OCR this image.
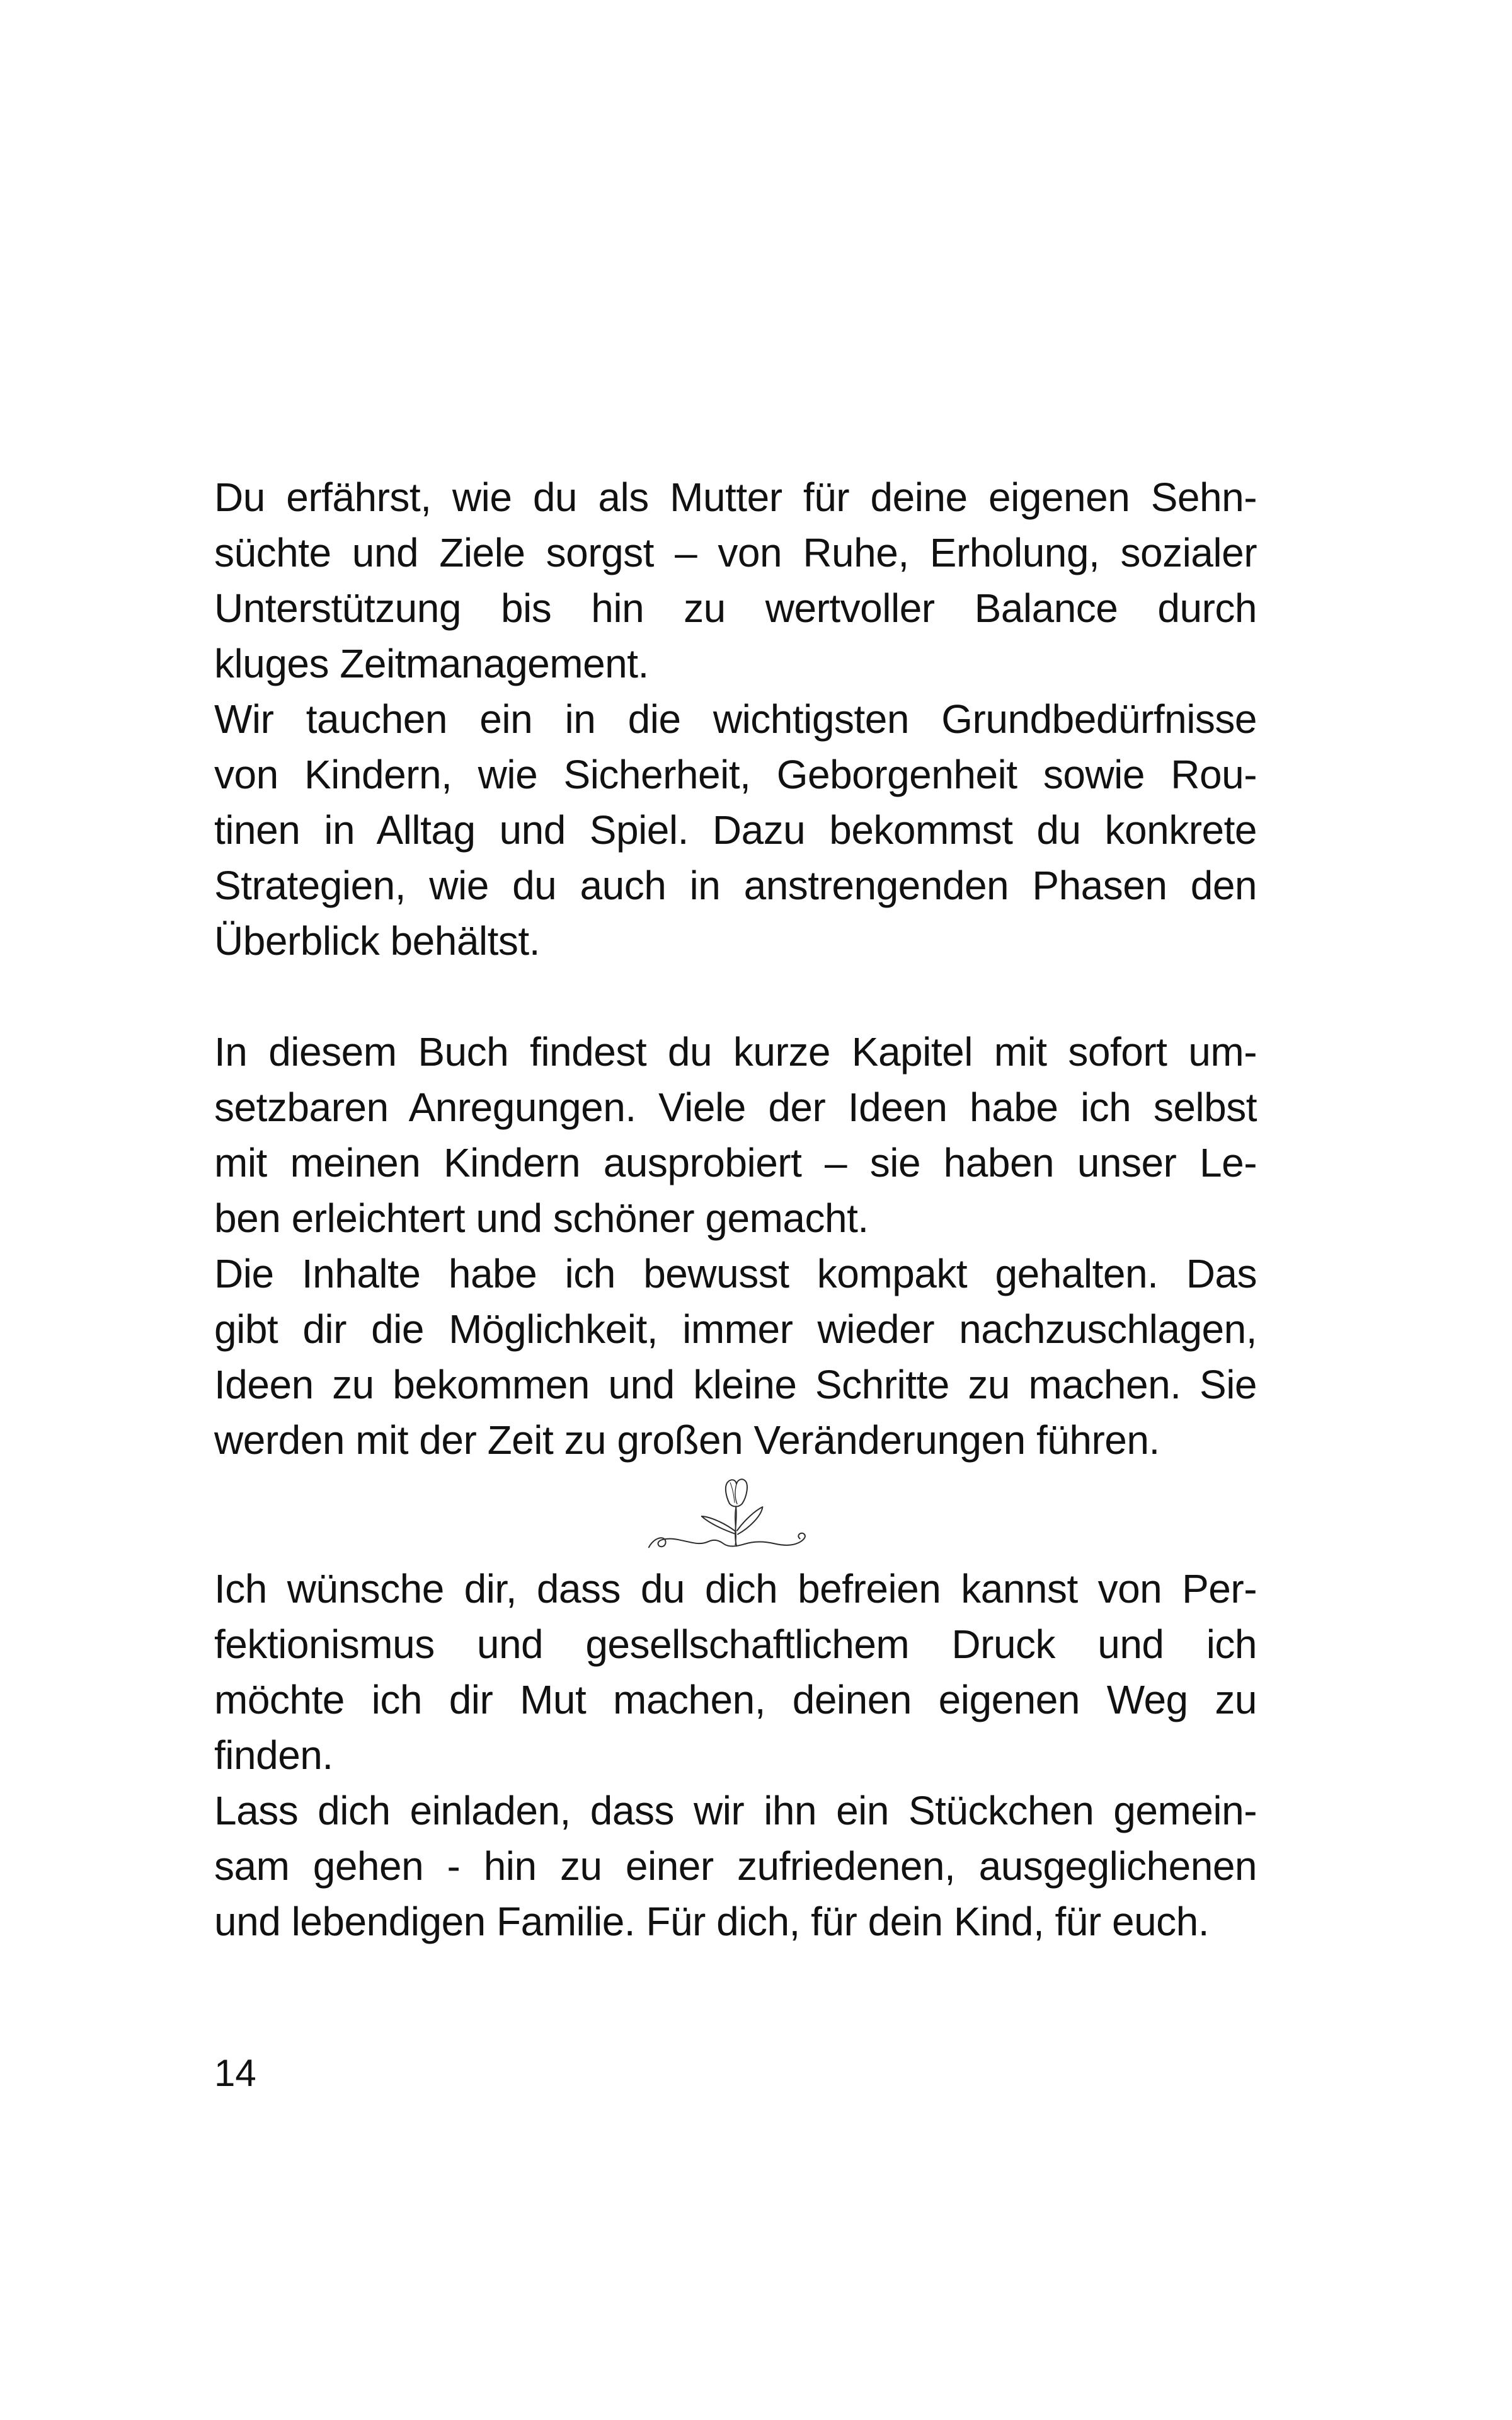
Du erfährst, wie du als Mutter für deine eigenen Sehn-
süchte und Ziele sorgst – von Ruhe, Erholung, sozialer
Unterstützung bis hin zu wertvoller Balance durch
kluges Zeitmanagement.
Wir tauchen ein in die wichtigsten Grundbedürfnisse
von Kindern, wie Sicherheit, Geborgenheit sowie Rou-
tinen in Alltag und Spiel. Dazu bekommst du konkrete
Strategien, wie du auch in anstrengenden Phasen den
Überblick behältst.
In diesem Buch findest du kurze Kapitel mit sofort um-
setzbaren Anregungen. Viele der Ideen habe ich selbst
mit meinen Kindern ausprobiert – sie haben unser Le-
ben erleichtert und schöner gemacht.
Die Inhalte habe ich bewusst kompakt gehalten. Das
gibt dir die Möglichkeit, immer wieder nachzuschlagen,
Ideen zu bekommen und kleine Schritte zu machen. Sie
werden mit der Zeit zu großen Veränderungen führen.
Ich wünsche dir, dass du dich befreien kannst von Per-
fektionismus und gesellschaftlichem Druck und ich
möchte ich dir Mut machen, deinen eigenen Weg zu
finden.
Lass dich einladen, dass wir ihn ein Stückchen gemein-
sam gehen - hin zu einer zufriedenen, ausgeglichenen
und lebendigen Familie. Für dich, für dein Kind, für euch.
14
